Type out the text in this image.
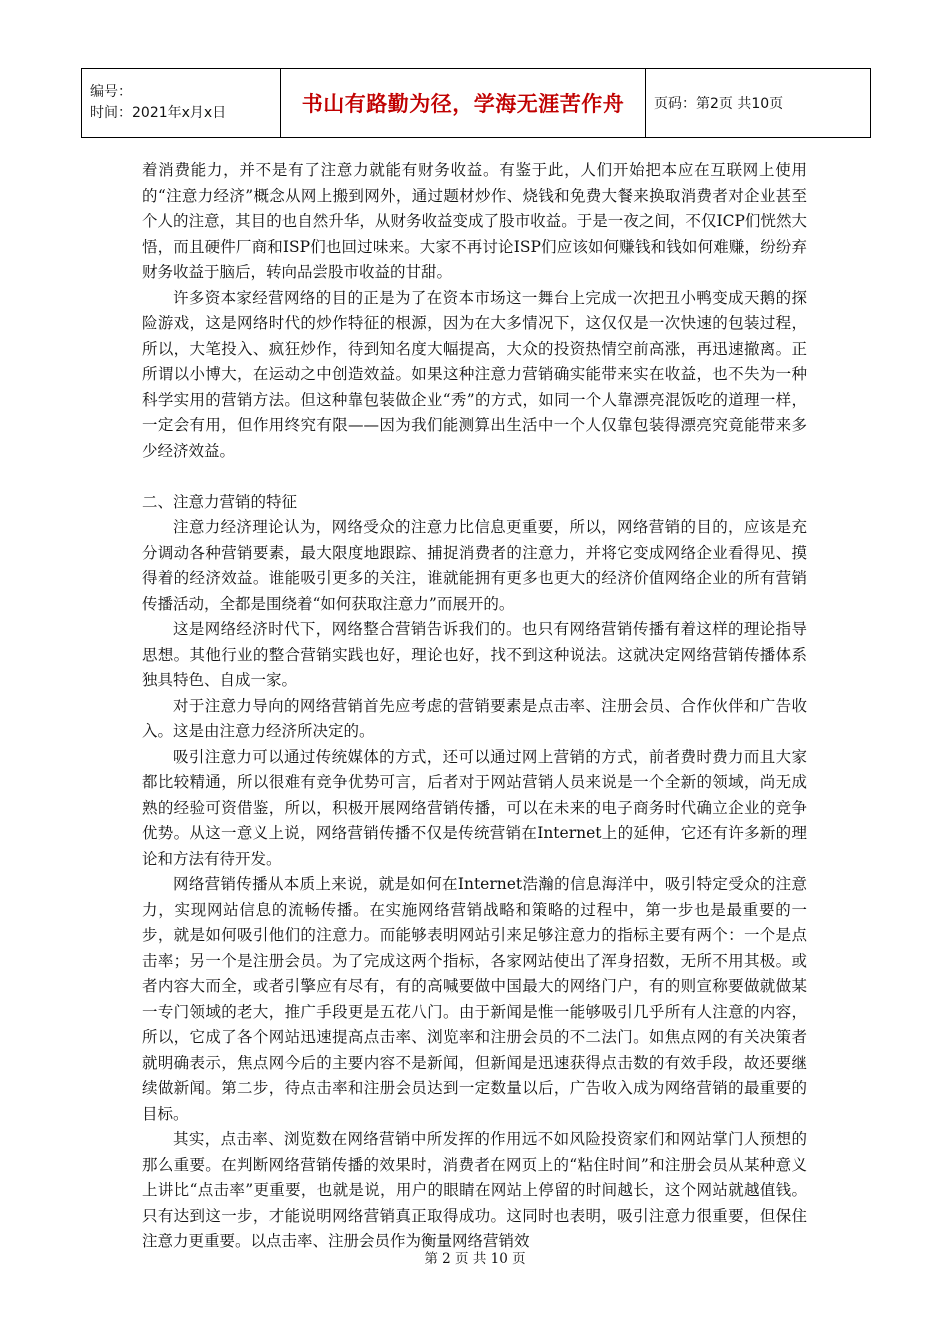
编号：
时间：2021年x月x日	书山有路勤为径，学海无涯苦作舟	页码：第2页 共10页

着消费能力，并不是有了注意力就能有财务收益。有鉴于此，人们开始把本应在互联网上使用的“注意力经济”概念从网上搬到网外，通过题材炒作、烧钱和免费大餐来换取消费者对企业甚至个人的注意，其目的也自然升华，从财务收益变成了股市收益。于是一夜之间，不仅ICP们恍然大悟，而且硬件厂商和ISP们也回过味来。大家不再讨论ISP们应该如何赚钱和钱如何难赚，纷纷弃财务收益于脑后，转向品尝股市收益的甘甜。

许多资本家经营网络的目的正是为了在资本市场这一舞台上完成一次把丑小鸭变成天鹅的探险游戏，这是网络时代的炒作特征的根源，因为在大多情况下，这仅仅是一次快速的包装过程，所以，大笔投入、疯狂炒作，待到知名度大幅提高，大众的投资热情空前高涨，再迅速撤离。正所谓以小博大，在运动之中创造效益。如果这种注意力营销确实能带来实在收益，也不失为一种科学实用的营销方法。但这种靠包装做企业“秀”的方式，如同一个人靠漂亮混饭吃的道理一样，一定会有用，但作用终究有限——因为我们能测算出生活中一个人仅靠包装得漂亮究竟能带来多少经济效益。

二、注意力营销的特征

注意力经济理论认为，网络受众的注意力比信息更重要，所以，网络营销的目的，应该是充分调动各种营销要素，最大限度地跟踪、捕捉消费者的注意力，并将它变成网络企业看得见、摸得着的经济效益。谁能吸引更多的关注，谁就能拥有更多也更大的经济价值网络企业的所有营销传播活动，全都是围绕着“如何获取注意力”而展开的。

这是网络经济时代下，网络整合营销告诉我们的。也只有网络营销传播有着这样的理论指导思想。其他行业的整合营销实践也好，理论也好，找不到这种说法。这就决定网络营销传播体系独具特色、自成一家。

对于注意力导向的网络营销首先应考虑的营销要素是点击率、注册会员、合作伙伴和广告收入。这是由注意力经济所决定的。

吸引注意力可以通过传统媒体的方式，还可以通过网上营销的方式，前者费时费力而且大家都比较精通，所以很难有竞争优势可言，后者对于网站营销人员来说是一个全新的领域，尚无成熟的经验可资借鉴，所以，积极开展网络营销传播，可以在未来的电子商务时代确立企业的竞争优势。从这一意义上说，网络营销传播不仅是传统营销在Internet上的延伸，它还有许多新的理论和方法有待开发。

网络营销传播从本质上来说，就是如何在Internet浩瀚的信息海洋中，吸引特定受众的注意力，实现网站信息的流畅传播。在实施网络营销战略和策略的过程中，第一步也是最重要的一步，就是如何吸引他们的注意力。而能够表明网站引来足够注意力的指标主要有两个：一个是点击率；另一个是注册会员。为了完成这两个指标，各家网站使出了浑身招数，无所不用其极。或者内容大而全，或者引擎应有尽有，有的高喊要做中国最大的网络门户，有的则宣称要做就做某一专门领域的老大，推广手段更是五花八门。由于新闻是惟一能够吸引几乎所有人注意的内容，所以，它成了各个网站迅速提高点击率、浏览率和注册会员的不二法门。如焦点网的有关决策者就明确表示，焦点网今后的主要内容不是新闻，但新闻是迅速获得点击数的有效手段，故还要继续做新闻。第二步，待点击率和注册会员达到一定数量以后，广告收入成为网络营销的最重要的目标。

其实，点击率、浏览数在网络营销中所发挥的作用远不如风险投资家们和网站掌门人预想的那么重要。在判断网络营销传播的效果时，消费者在网页上的“粘住时间”和注册会员从某种意义上讲比“点击率”更重要，也就是说，用户的眼睛在网站上停留的时间越长，这个网站就越值钱。只有达到这一步，才能说明网络营销真正取得成功。这同时也表明，吸引注意力很重要，但保住注意力更重要。以点击率、注册会员作为衡量网络营销效

第 2 页 共 10 页
